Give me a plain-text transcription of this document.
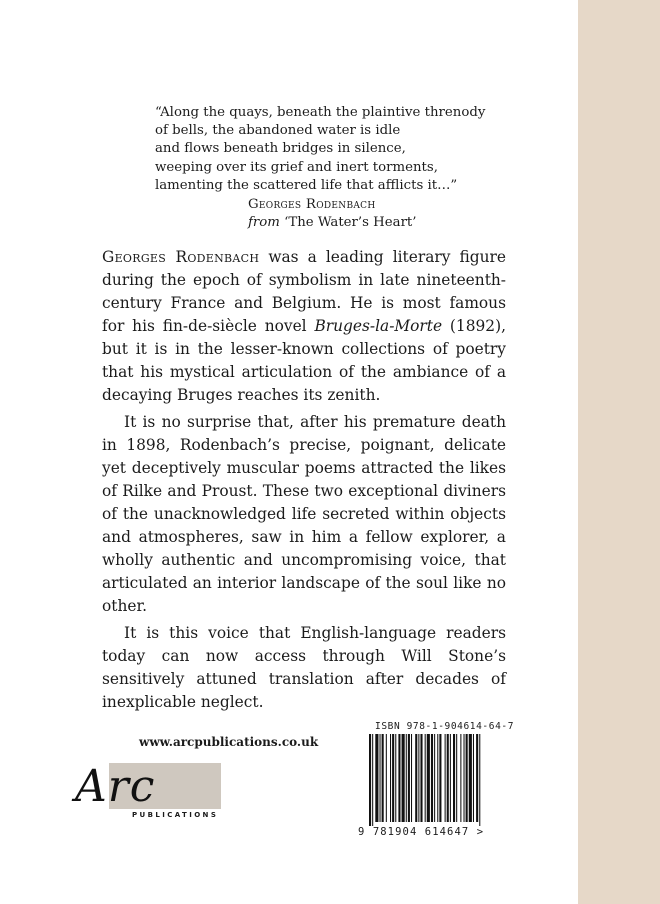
“Along the quays, beneath the plaintive threnody
of bells, the abandoned water is idle
and flows beneath bridges in silence,
weeping over its grief and inert torments,
lamenting the scattered life that afflicts it…”
Georges Rodenbach
from ‘The Water’s Heart’

Georges Rodenbach was a leading literary figure during the epoch of symbolism in late nineteenth-century France and Belgium. He is most famous for his fin-de-siècle novel Bruges-la-Morte (1892), but it is in the lesser-known collections of poetry that his mystical articulation of the ambiance of a decaying Bruges reaches its zenith.

It is no surprise that, after his premature death in 1898, Rodenbach’s precise, poignant, delicate yet deceptively muscular poems attracted the likes of Rilke and Proust. These two exceptional diviners of the unacknowledged life secreted within objects and atmospheres, saw in him a fellow explorer, a wholly authentic and uncompromising voice, that articulated an interior landscape of the soul like no other.

It is this voice that English-language readers today can now access through Will Stone’s sensitively attuned translation after decades of inexplicable neglect.

www.arcpublications.co.uk
Arc
PUBLICATIONS
ISBN 978-1-904614-64-7
9 781904 614647 >
